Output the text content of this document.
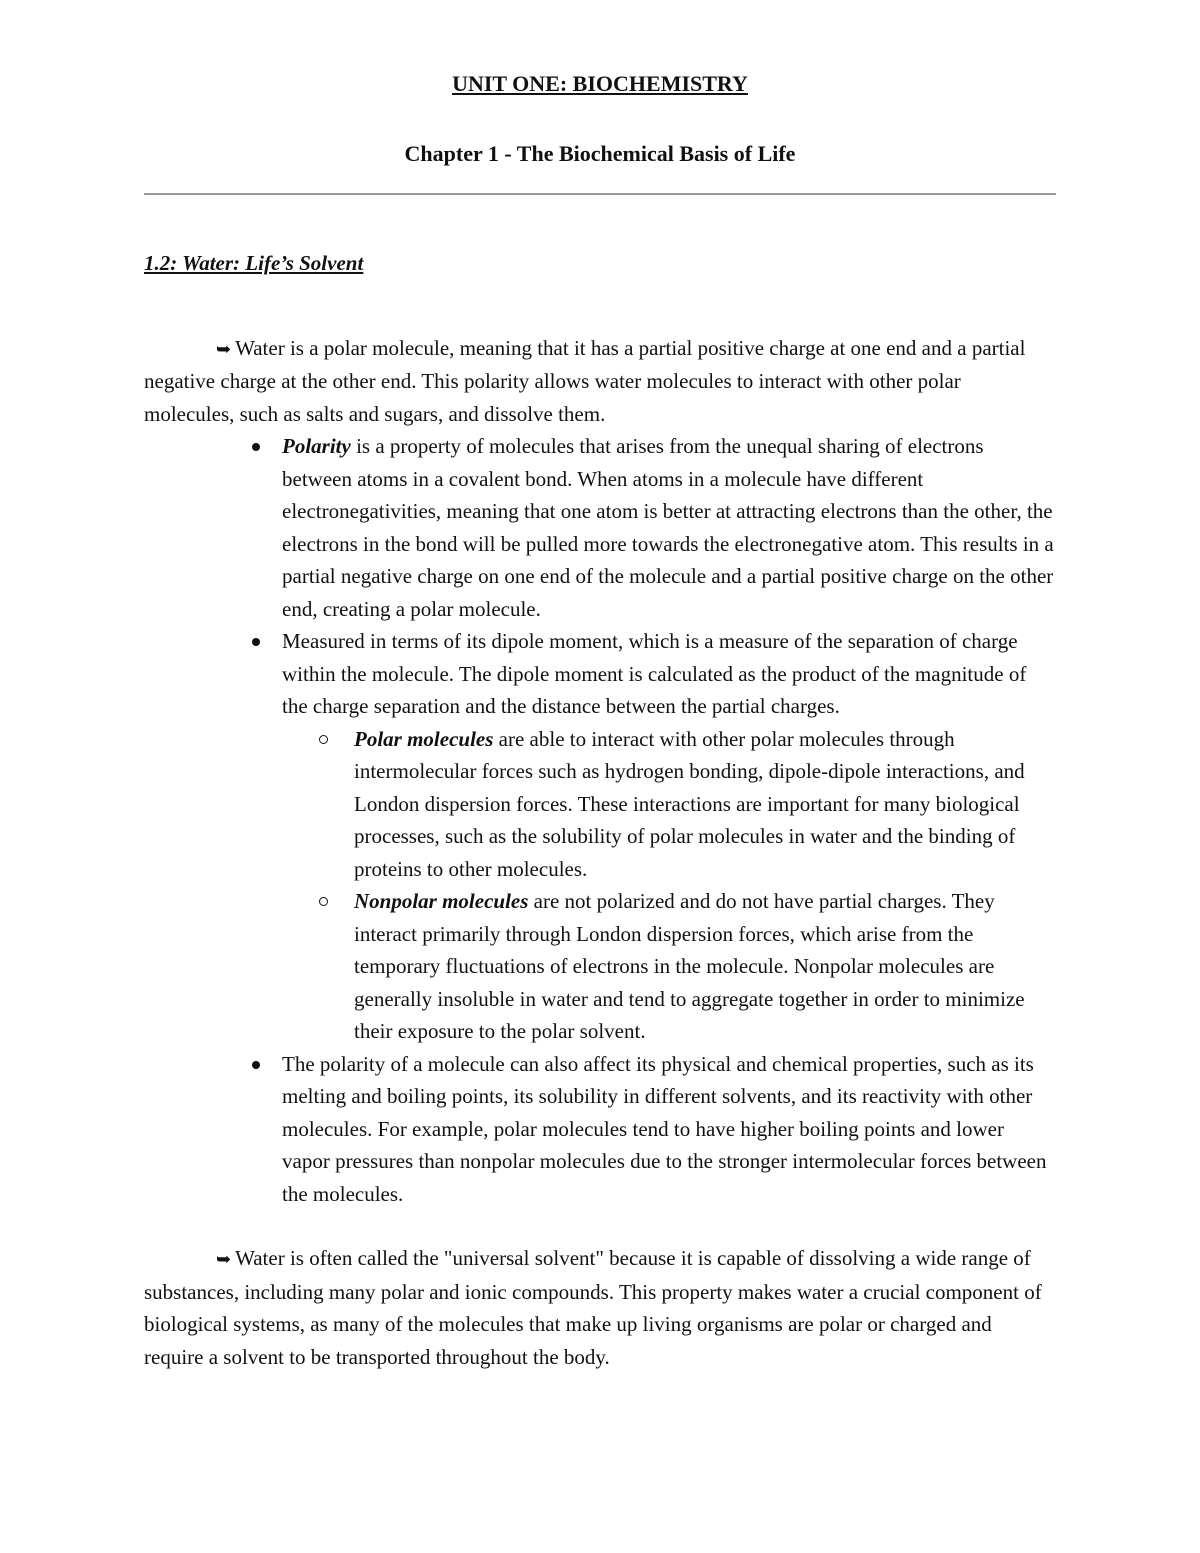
UNIT ONE: BIOCHEMISTRY
Chapter 1 - The Biochemical Basis of Life
1.2: Water: Life’s Solvent

➥ Water is a polar molecule, meaning that it has a partial positive charge at one end and a partial negative charge at the other end. This polarity allows water molecules to interact with other polar molecules, such as salts and sugars, and dissolve them.

Polarity is a property of molecules that arises from the unequal sharing of electrons between atoms in a covalent bond. When atoms in a molecule have different electronegativities, meaning that one atom is better at attracting electrons than the other, the electrons in the bond will be pulled more towards the electronegative atom. This results in a partial negative charge on one end of the molecule and a partial positive charge on the other end, creating a polar molecule.
Measured in terms of its dipole moment, which is a measure of the separation of charge within the molecule. The dipole moment is calculated as the product of the magnitude of the charge separation and the distance between the partial charges.
Polar molecules are able to interact with other polar molecules through intermolecular forces such as hydrogen bonding, dipole-dipole interactions, and London dispersion forces. These interactions are important for many biological processes, such as the solubility of polar molecules in water and the binding of proteins to other molecules.
Nonpolar molecules are not polarized and do not have partial charges. They interact primarily through London dispersion forces, which arise from the temporary fluctuations of electrons in the molecule. Nonpolar molecules are generally insoluble in water and tend to aggregate together in order to minimize their exposure to the polar solvent.
The polarity of a molecule can also affect its physical and chemical properties, such as its melting and boiling points, its solubility in different solvents, and its reactivity with other molecules. For example, polar molecules tend to have higher boiling points and lower vapor pressures than nonpolar molecules due to the stronger intermolecular forces between the molecules.

➥ Water is often called the "universal solvent" because it is capable of dissolving a wide range of substances, including many polar and ionic compounds. This property makes water a crucial component of biological systems, as many of the molecules that make up living organisms are polar or charged and require a solvent to be transported throughout the body.
